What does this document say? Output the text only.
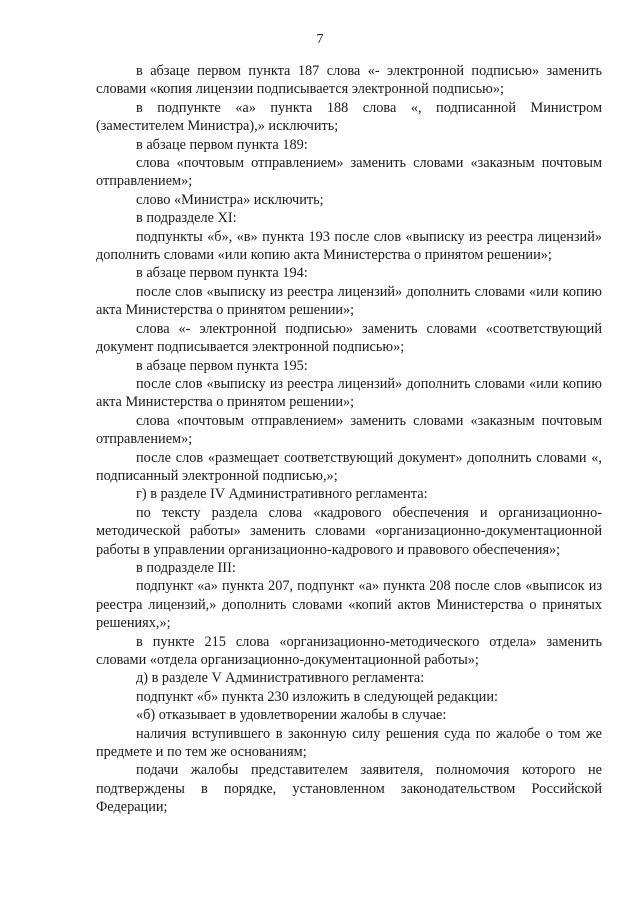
7

в абзаце первом пункта 187 слова «- электронной подписью» заменить словами «копия лицензии подписывается электронной подписью»;

в подпункте «а» пункта 188 слова «, подписанной Министром (заместителем Министра),» исключить;

в абзаце первом пункта 189:

слова «почтовым отправлением» заменить словами «заказным почтовым отправлением»;

слово «Министра» исключить;

в подразделе XI:

подпункты «б», «в» пункта 193 после слов «выписку из реестра лицензий» дополнить словами «или копию акта Министерства о принятом решении»;

в абзаце первом пункта 194:

после слов «выписку из реестра лицензий» дополнить словами «или копию акта Министерства о принятом решении»;

слова «- электронной подписью» заменить словами «соответствующий документ подписывается электронной подписью»;

в абзаце первом пункта 195:

после слов «выписку из реестра лицензий» дополнить словами «или копию акта Министерства о принятом решении»;

слова «почтовым отправлением» заменить словами «заказным почтовым отправлением»;

после слов «размещает соответствующий документ» дополнить словами «, подписанный электронной подписью,»;

г) в разделе IV Административного регламента:

по тексту раздела слова «кадрового обеспечения и организационно-методической работы» заменить словами «организационно-документационной работы в управлении организационно-кадрового и правового обеспечения»;

в подразделе III:

подпункт «а» пункта 207, подпункт «а» пункта 208 после слов «выписок из реестра лицензий,» дополнить словами «копий актов Министерства о принятых решениях,»;

в пункте 215 слова «организационно-методического отдела» заменить словами «отдела организационно-документационной работы»;

д) в разделе V Административного регламента:

подпункт «б» пункта 230 изложить в следующей редакции:

«б) отказывает в удовлетворении жалобы в случае:

наличия вступившего в законную силу решения суда по жалобе о том же предмете и по тем же основаниям;

подачи жалобы представителем заявителя, полномочия которого не подтверждены в порядке, установленном законодательством Российской Федерации;
